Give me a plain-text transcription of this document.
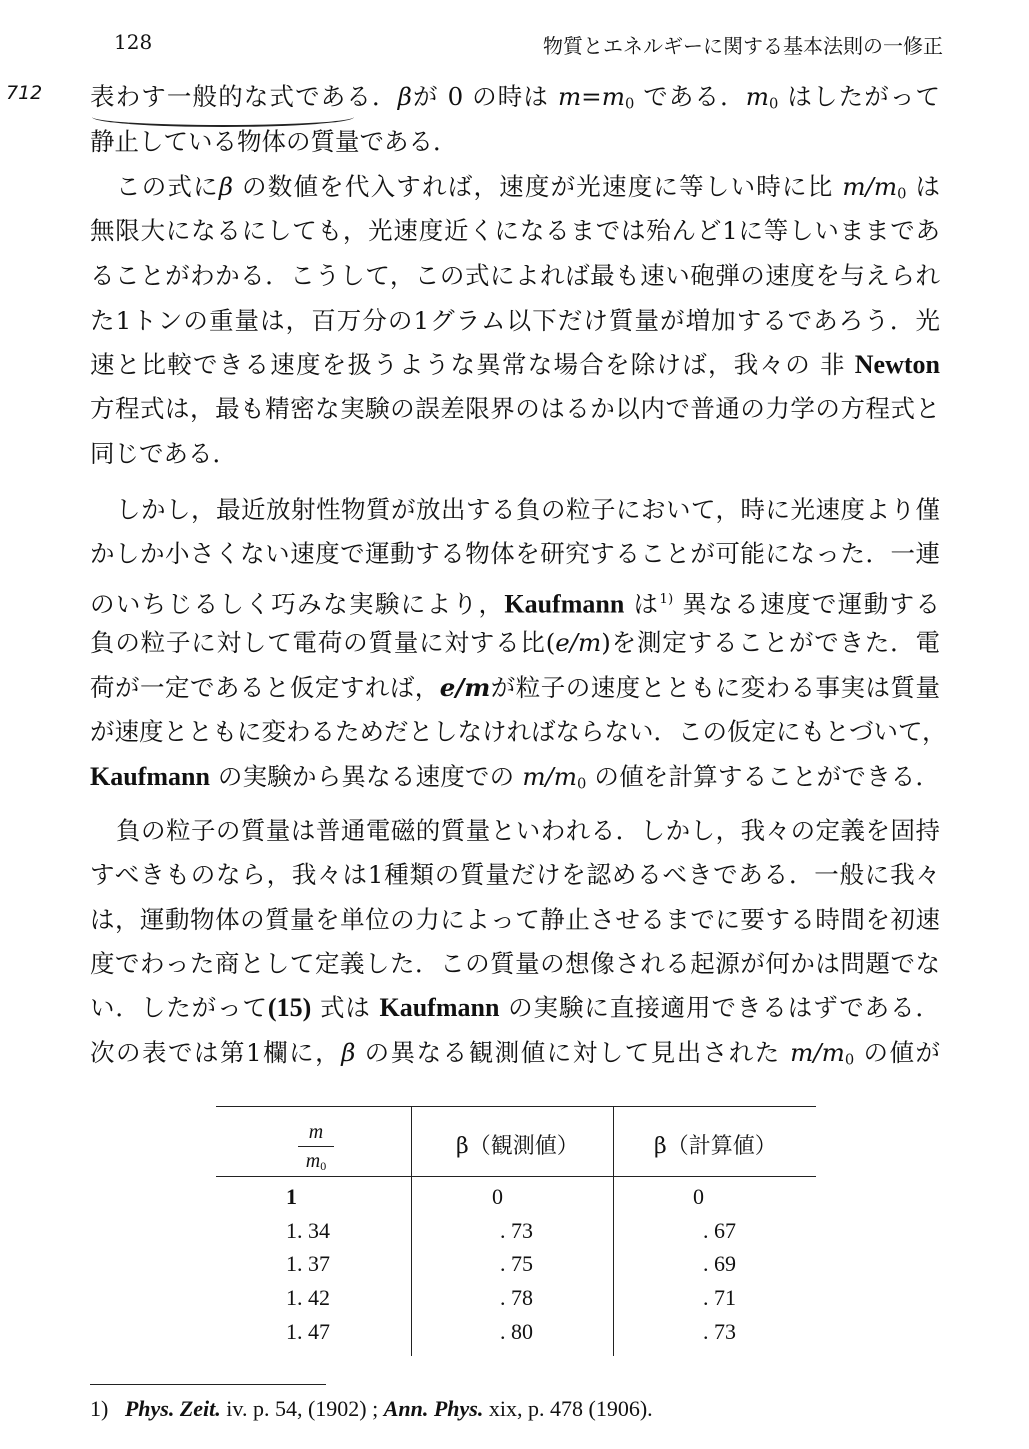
128	物質とエネルギーに関する基本法則の一修正
712 表わす一般的な式である．βが 0 の時は $m=m_0$ である．$m_0$ はしたがって
静止している物体の質量である．
この式にβ の数値を代入すれば，速度が光速度に等しい時に比 $m/m_0$ は
無限大になるにしても，光速度近くになるまでは殆んど1に等しいままであ
ることがわかる．こうして，この式によれば最も速い砲弾の速度を与えられ
た1トンの重量は，百万分の1グラム以下だけ質量が増加するであろう．光
速と比較できる速度を扱うような異常な場合を除けば，我々の 非 Newton
方程式は，最も精密な実験の誤差限界のはるか以内で普通の力学の方程式と
同じである．
しかし，最近放射性物質が放出する負の粒子において，時に光速度より僅
かしか小さくない速度で運動する物体を研究することが可能になった．一連
のいちじるしく巧みな実験により，Kaufmann は$^{1)}$ 異なる速度で運動する
負の粒子に対して電荷の質量に対する比(e/m)を測定することができた．電
荷が一定であると仮定すれば，e/mが粒子の速度とともに変わる事実は質量
が速度とともに変わるためだとしなければならない．この仮定にもとづいて，
Kaufmann の実験から異なる速度での $m/m_0$ の値を計算することができる．
負の粒子の質量は普通電磁的質量といわれる．しかし，我々の定義を固持
すべきものなら，我々は1種類の質量だけを認めるべきである．一般に我々
は，運動物体の質量を単位の力によって静止させるまでに要する時間を初速
度でわった商として定義した．この質量の想像される起源が何かは問題でな
い．したがって(15) 式は Kaufmann の実験に直接適用できるはずである．
次の表では第1欄に，β の異なる観測値に対して見出された $m/m_0$ の値が
m
$m_0$
β（観測値）	β（計算値）
1	0	0
1. 34	. 73	. 67
1. 37	. 75	. 69
1. 42	. 78	. 71
1. 47	. 80	. 73
1) Phys. Zeit. iv. p. 54, (1902) ; Ann. Phys. xix, p. 478 (1906).
